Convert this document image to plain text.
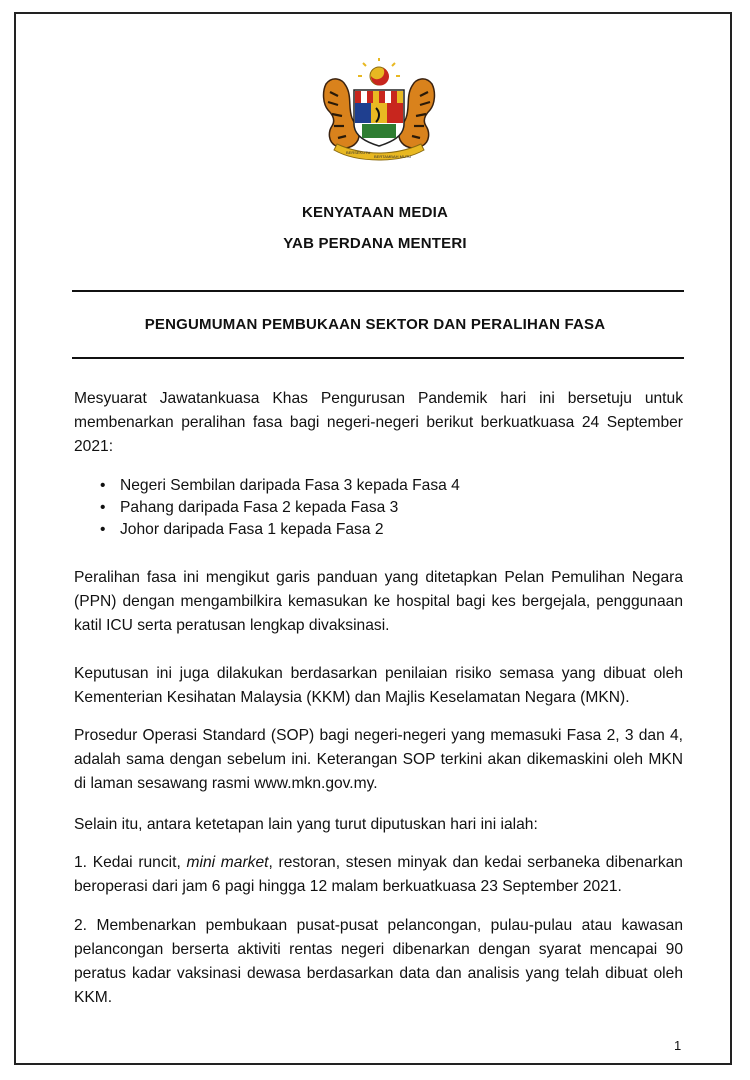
BERSEKUTU
BERTAMBAH MUTU
KENYATAAN MEDIA
YAB PERDANA MENTERI
PENGUMUMAN PEMBUKAAN SEKTOR DAN PERALIHAN FASA

Mesyuarat Jawatankuasa Khas Pengurusan Pandemik hari ini bersetuju untuk membenarkan peralihan fasa bagi negeri-negeri berikut berkuatkuasa 24 September 2021:

• Negeri Sembilan daripada Fasa 3 kepada Fasa 4
• Pahang daripada Fasa 2 kepada Fasa 3
• Johor daripada Fasa 1 kepada Fasa 2

Peralihan fasa ini mengikut garis panduan yang ditetapkan Pelan Pemulihan Negara (PPN) dengan mengambilkira kemasukan ke hospital bagi kes bergejala, penggunaan katil ICU serta peratusan lengkap divaksinasi.

Keputusan ini juga dilakukan berdasarkan penilaian risiko semasa yang dibuat oleh Kementerian Kesihatan Malaysia (KKM) dan Majlis Keselamatan Negara (MKN).

Prosedur Operasi Standard (SOP) bagi negeri-negeri yang memasuki Fasa 2, 3 dan 4, adalah sama dengan sebelum ini. Keterangan SOP terkini akan dikemaskini oleh MKN di laman sesawang rasmi www.mkn.gov.my.

Selain itu, antara ketetapan lain yang turut diputuskan hari ini ialah:

1. Kedai runcit, mini market, restoran, stesen minyak dan kedai serbaneka dibenarkan beroperasi dari jam 6 pagi hingga 12 malam berkuatkuasa 23 September 2021.

2. Membenarkan pembukaan pusat-pusat pelancongan, pulau-pulau atau kawasan pelancongan berserta aktiviti rentas negeri dibenarkan dengan syarat mencapai 90 peratus kadar vaksinasi dewasa berdasarkan data dan analisis yang telah dibuat oleh KKM.

1
